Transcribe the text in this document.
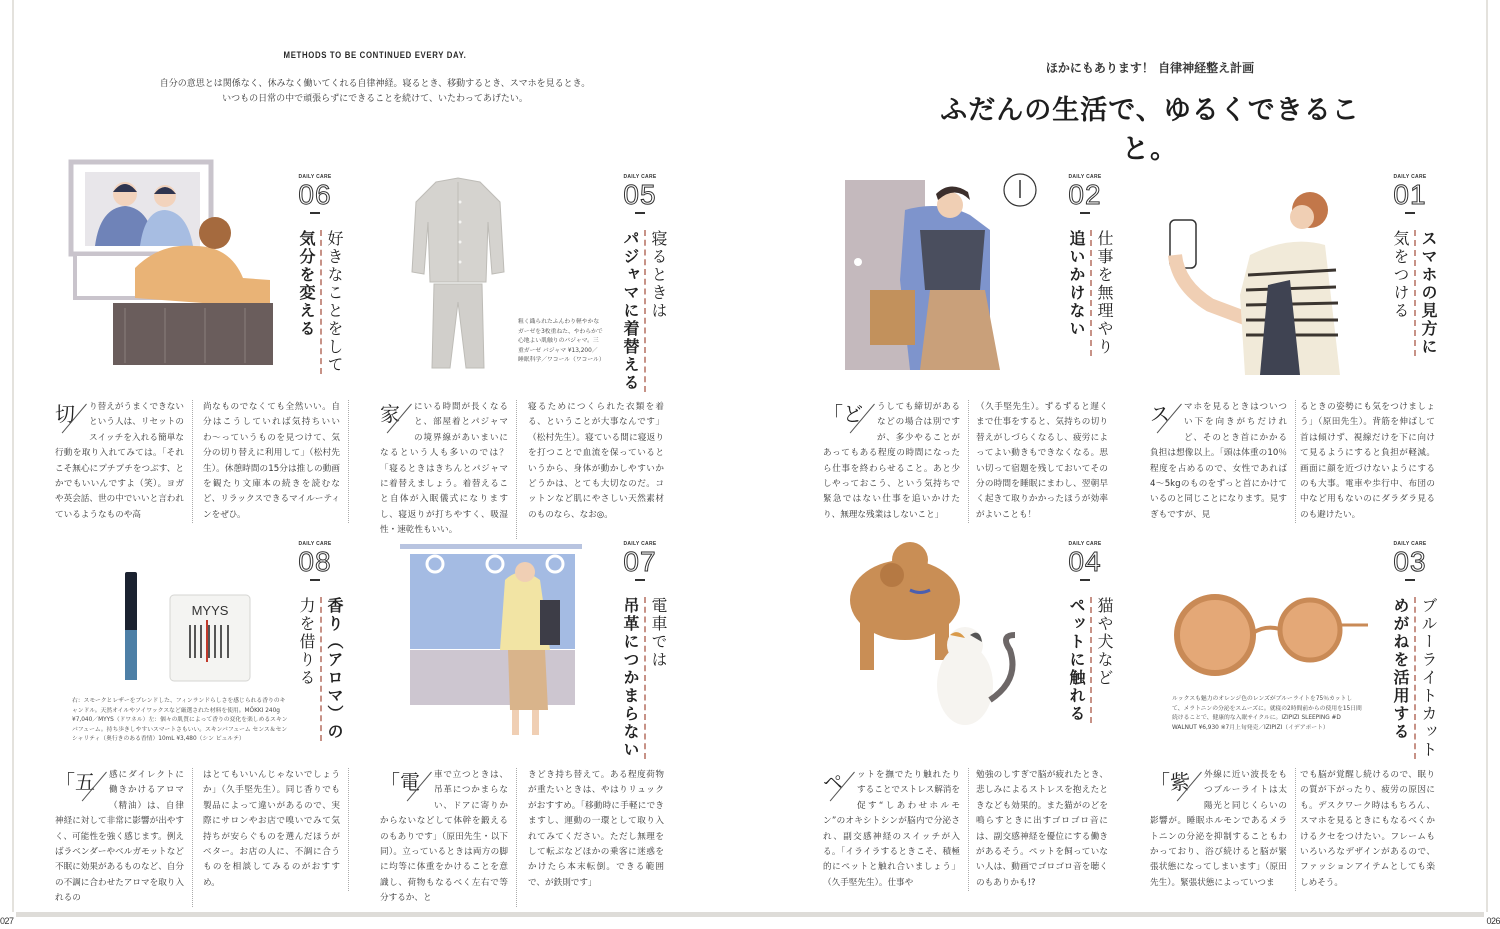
027	026
METHODS TO BE CONTINUED EVERY DAY.
自分の意思とは関係なく、休みなく働いてくれる自律神経。寝るとき、移動するとき、スマホを見るとき。
いつもの日常の中で頑張らずにできることを続けて、いたわってあげたい。
ほかにもあります！ 自律神経整え計画
ふだんの生活で、ゆるくできること。
MYYS
DAILY CARE
06
好きなことをして
気分を変える
DAILY CARE
05
寝るときは
パジャマに着替える
粗く織られたふんわり軽やかなガーゼを3枚重ねた、やわらかで心地よい肌触りのパジャマ。三重ガーゼ パジャマ ¥13,200／睡眠科学／ワコール（ワコール）
DAILY CARE
02
仕事を無理やり
追いかけない
DAILY CARE
01
スマホの見方に
気をつける
DAILY CARE
08
香り（アロマ）の
力を借りる
右：スモークとレザーをブレンドした、フィンランドらしさを感じられる香りのキャンドル。天然オイルやソイワックスなど厳選された材料を使用。MÖKKI 240g ¥7,040／MYYS（ドワネル）左：個々の肌質によって香りの変化を楽しめるスキンパフューム。持ち歩きしやすいスマートさもいい。スキンパフューム センス＆センシャリティ（奥行きのある香情）10mL ¥3,480（シン ピュルテ）
DAILY CARE
07
電車では
吊革につかまらない
DAILY CARE
04
猫や犬など
ペットに触れる
DAILY CARE
03
ブルーライトカット
めがねを活用する
ルックスも魅力のオレンジ色のレンズがブルーライトを75％カットして、メラトニンの分泌をスムーズに。就寝の2時間前からの使用を15日間続けることで、健康的な入眠サイクルに。IZIPIZI SLEEPING #D WALNUT ¥6,930 ※7月上旬発売／IZIPIZI（イデアポート）
切 り替えがうまくできないという人は、リセットのスイッチを入れる簡単な行動を取り入れてみては。「それこそ無心にプチプチをつぶす、とかでもいいんですよ（笑）。ヨガや英会話、世の中でいいと言われているようなものや高
尚なものでなくても全然いい。自分はこうしていれば気持ちいいわ〜っていうものを見つけて、気分の切り替えに利用して」（松村先生）。休憩時間の15分は推しの動画を観たり文庫本の続きを読むなど、リラックスできるマイルーティンをぜひ。
家 にいる時間が長くなると、部屋着とパジャマの境界線があいまいになるという人も多いのでは？「寝るときはきちんとパジャマに着替えましょう。着替えること自体が入眠儀式になりますし、寝返りが打ちやすく、吸湿性・速乾性もいい。
寝るためにつくられた衣類を着る、ということが大事なんです」（松村先生）。寝ている間に寝返りを打つことで血流を保っているというから、身体が動かしやすいかどうかは、とても大切なのだ。コットンなど肌にやさしい天然素材のものなら、なお◎。
「ど うしても締切があるなどの場合は別ですが、多少やることがあってもある程度の時間になったら仕事を終わらせること。あと少しやっておこう、という気持ちで緊急ではない仕事を追いかけたり、無理な残業はしないこと」
（久手堅先生）。ずるずると遅くまで仕事をすると、気持ちの切り替えがしづらくなるし、疲労によってよい動きもできなくなる。思い切って宿題を残しておいてその分の時間を睡眠にまわし、翌朝早く起きて取りかかったほうが効率がよいことも！
ス マホを見るときはついつい下を向きがちだけれど、そのとき首にかかる負担は想像以上。「頭は体重の10％程度を占めるので、女性であれば4〜5kgのものをずっと首にかけているのと同じことになります。見すぎもですが、見
るときの姿勢にも気をつけましょう」（原田先生）。背筋を伸ばして首は傾けず、視線だけを下に向けて見るようにすると負担が軽減。画面に顔を近づけないようにするのも大事。電車や歩行中、布団の中など用もないのにダラダラ見るのも避けたい。
「五 感にダイレクトに働きかけるアロマ（精油）は、自律神経に対して非常に影響が出やすく、可能性を強く感じます。例えばラベンダーやベルガモットなど不眠に効果があるものなど、自分の不調に合わせたアロマを取り入れるの
はとてもいいんじゃないでしょうか」（久手堅先生）。同じ香りでも製品によって違いがあるので、実際にサロンやお店で嗅いでみて気持ちが安らぐものを選んだほうがベター。お店の人に、不調に合うものを相談してみるのがおすすめ。
「電 車で立つときは、吊革につかまらない、ドアに寄りかからないなどして体幹を鍛えるのもありです」（原田先生・以下同）。立っているときは両方の脚に均等に体重をかけることを意識し、荷物もなるべく左右で等分するか、と
きどき持ち替えて。ある程度荷物が重たいときは、やはりリュックがおすすめ。「移動時に手軽にできますし、運動の一環として取り入れてみてください。ただし無理をして転ぶなどほかの乗客に迷惑をかけたら本末転倒。できる範囲で、が鉄則です」
ペ ットを撫でたり触れたりすることでストレス解消を促す“しあわせホルモン”のオキシトシンが脳内で分泌され、副交感神経のスイッチが入る。「イライラするときこそ、積極的にペットと触れ合いましょう」（久手堅先生）。仕事や
勉強のしすぎで脳が疲れたとき、悲しみによるストレスを抱えたときなども効果的。また猫がのどを鳴らすときに出すゴロゴロ音には、副交感神経を優位にする働きがあるそう。ペットを飼っていない人は、動画でゴロゴロ音を聴くのもありかも!?
「紫 外線に近い波長をもつブルーライトは太陽光と同じくらいの影響が。睡眠ホルモンであるメラトニンの分泌を抑制することもわかっており、浴び続けると脳が緊張状態になってしまいます」（原田先生）。緊張状態によっていつま
でも脳が覚醒し続けるので、眠りの質が下がったり、疲労の原因にも。デスクワーク時はもちろん、スマホを見るときにもなるべくかけるクセをつけたい。フレームもいろいろなデザインがあるので、ファッションアイテムとしても楽しめそう。
